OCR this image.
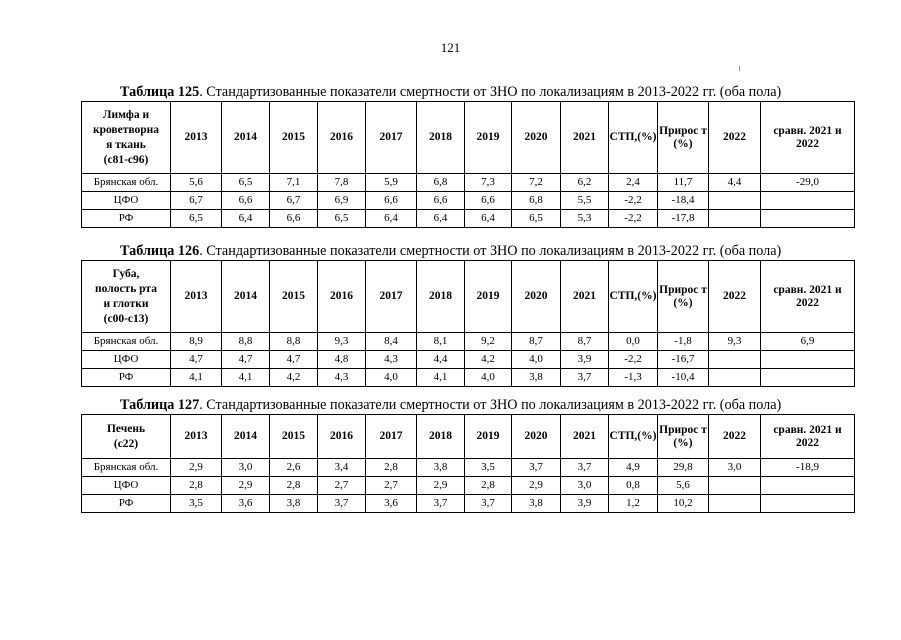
121
Таблица 125. Стандартизованные показатели смертности от ЗНО по локализациям в 2013-2022 гг. (оба пола)
Лимфа и
кроветворна
я ткань
(с81-с96)	2013	2014	2015	2016	2017	2018	2019	2020	2021	СТП,(%)	Прирос т (%)	2022	сравн. 2021 и 2022
Брянская обл.	5,6	6,5	7,1	7,8	5,9	6,8	7,3	7,2	6,2	2,4	11,7	4,4	-29,0
ЦФО	6,7	6,6	6,7	6,9	6,6	6,6	6,6	6,8	5,5	-2,2	-18,4		
РФ	6,5	6,4	6,6	6,5	6,4	6,4	6,4	6,5	5,3	-2,2	-17,8		
Таблица 126. Стандартизованные показатели смертности от ЗНО по локализациям в 2013-2022 гг. (оба пола)
Губа,
полость рта
и глотки
(с00-с13)	2013	2014	2015	2016	2017	2018	2019	2020	2021	СТП,(%)	Прирос т (%)	2022	сравн. 2021 и 2022
Брянская обл.	8,9	8,8	8,8	9,3	8,4	8,1	9,2	8,7	8,7	0,0	-1,8	9,3	6,9
ЦФО	4,7	4,7	4,7	4,8	4,3	4,4	4,2	4,0	3,9	-2,2	-16,7		
РФ	4,1	4,1	4,2	4,3	4,0	4,1	4,0	3,8	3,7	-1,3	-10,4		
Таблица 127. Стандартизованные показатели смертности от ЗНО по локализациям в 2013-2022 гг. (оба пола)
Печень
(с22)	2013	2014	2015	2016	2017	2018	2019	2020	2021	СТП,(%)	Прирос т (%)	2022	сравн. 2021 и 2022
Брянская обл.	2,9	3,0	2,6	3,4	2,8	3,8	3,5	3,7	3,7	4,9	29,8	3,0	-18,9
ЦФО	2,8	2,9	2,8	2,7	2,7	2,9	2,8	2,9	3,0	0,8	5,6		
РФ	3,5	3,6	3,8	3,7	3,6	3,7	3,7	3,8	3,9	1,2	10,2		
